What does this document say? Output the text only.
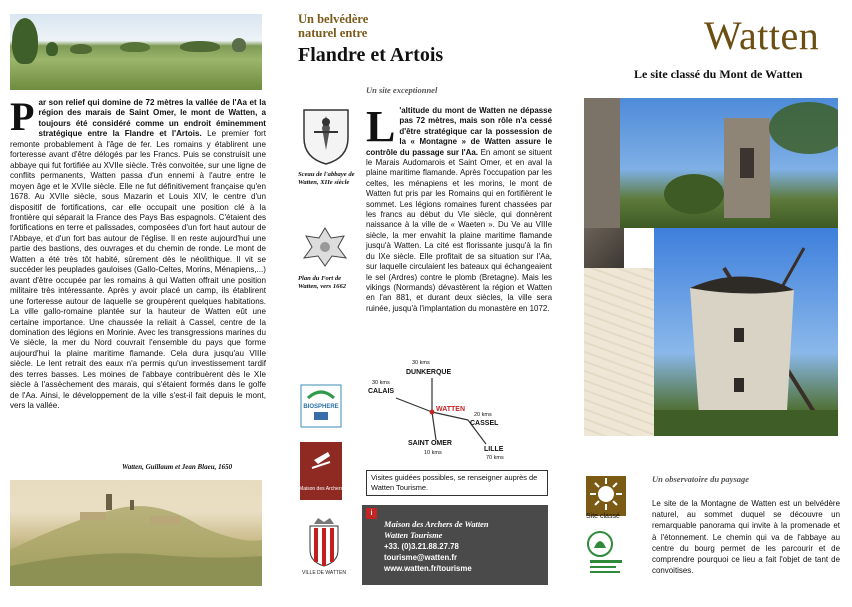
Par son relief qui domine de 72 mètres la vallée de l'Aa et la région des marais de Saint Omer, le mont de Watten, a toujours été considéré comme un endroit éminemment stratégique entre la Flandre et l'Artois. Le premier fort remonte probablement à l'âge de fer. Les romains y établirent une forteresse avant d'être délogés par les Francs. Puis se construisit une abbaye qui fut fortifiée au XVIIe siècle. Très convoitée, sur une ligne de conflits permanents, Watten passa d'un ennemi à l'autre entre le moyen âge et le XVIIe siècle. Elle ne fut définitivement française qu'en 1678. Au XVIIe siècle, sous Mazarin et Louis XIV, le centre d'un dispositif de fortifications, car elle occupait une position clé à la frontière qui séparait la France des Pays Bas espagnols. C'étaient des fortifications en terre et palissades, composées d'un fort haut autour de l'Abbaye, et d'un fort bas autour de l'église. Il en reste aujourd'hui une partie des bastions, des ouvrages et du chemin de ronde. Le mont de Watten a été très tôt habité, sûrement dès le néolithique. Il vit se succéder les peuplades gauloises (Gallo-Celtes, Morins, Ménapiens,...) avant d'être occupée par les romains à qui Watten offrait une position militaire très intéressante. Après y avoir placé un camp, ils établirent une forteresse autour de laquelle se groupèrent quelques habitations. La ville gallo-romaine plantée sur la hauteur de Watten eût une certaine importance. Une chaussée la reliait à Cassel, centre de la domination des légions en Morinie. Avec les transgressions marines du Ve siècle, la mer du Nord couvrait l'ensemble du pays que forme aujourd'hui la plaine maritime flamande. Cela dura jusqu'au VIIIe siècle. Le lent retrait des eaux n'a permis qu'un investissement tardif des terres basses. Les moines de l'abbaye contribuèrent dès le XIe siècle à l'assèchement des marais, qui s'étaient formés dans le golfe de l'Aa. Ainsi, le développement de la ville s'est-il fait depuis le mont, vers la vallée.
Watten, Guillaum et Jean Blaeu, 1650
Un belvédère
naturel entre
Flandre et Artois
Un site exceptionnel
Sceau de l'abbaye de Watten, XIIe siècle
Plan du Fort de Watten, vers 1662
L 'altitude du mont de Watten ne dépasse pas 72 mètres, mais son rôle n'a cessé d'être stratégique car la possession de la « Montagne » de Watten assure le contrôle du passage sur l'Aa. En amont se situent le Marais Audomarois et Saint Omer, et en aval la plaine maritime flamande. Après l'occupation par les celtes, les ménapiens et les morins, le mont de Watten fut pris par les Romains qui en fortifièrent le sommet. Les légions romaines furent chassées par les francs au début du VIe siècle, qui donnèrent naissance à la ville de « Waeten ». Du Ve au VIIIe siècle, la mer envahit la plaine maritime flamande jusqu'à Watten. La cité est florissante jusqu'à la fin du IXe siècle. Elle profitait de sa situation sur l'Aa, sur laquelle circulaient les bateaux qui échangeaient le sel (Ardres) contre le plomb (Bretagne). Mais les vikings (Normands) dévastèrent la région et Watten en l'an 881, et durant deux siècles, la ville sera ruinée, jusqu'à l'implantation du monastère en 1072.
BIOSPHERE
Maison des Archers
VILLE DE WATTEN
30 kms
DUNKERQUE
30 kms
CALAIS
WATTEN
20 kms
CASSEL
SAINT OMER
10 kms	LILLE
70 kms
Visites guidées possibles, se renseigner auprès de Watten Tourisme.
Maison des Archers de Watten
Watten Tourisme
+33. (0)3.21.88.27.78
tourisme@watten.fr
www.watten.fr/tourisme
i
Watten
Le site classé du Mont de Watten
Un observatoire du paysage
Site classé
Le site de la Montagne de Watten est un belvédère naturel, au sommet duquel se découvre un remarquable panorama qui invite à la promenade et à l'étonnement. Le chemin qui va de l'abbaye au centre du bourg permet de les parcourir et de comprendre pourquoi ce lieu a fait l'objet de tant de convoitises.
